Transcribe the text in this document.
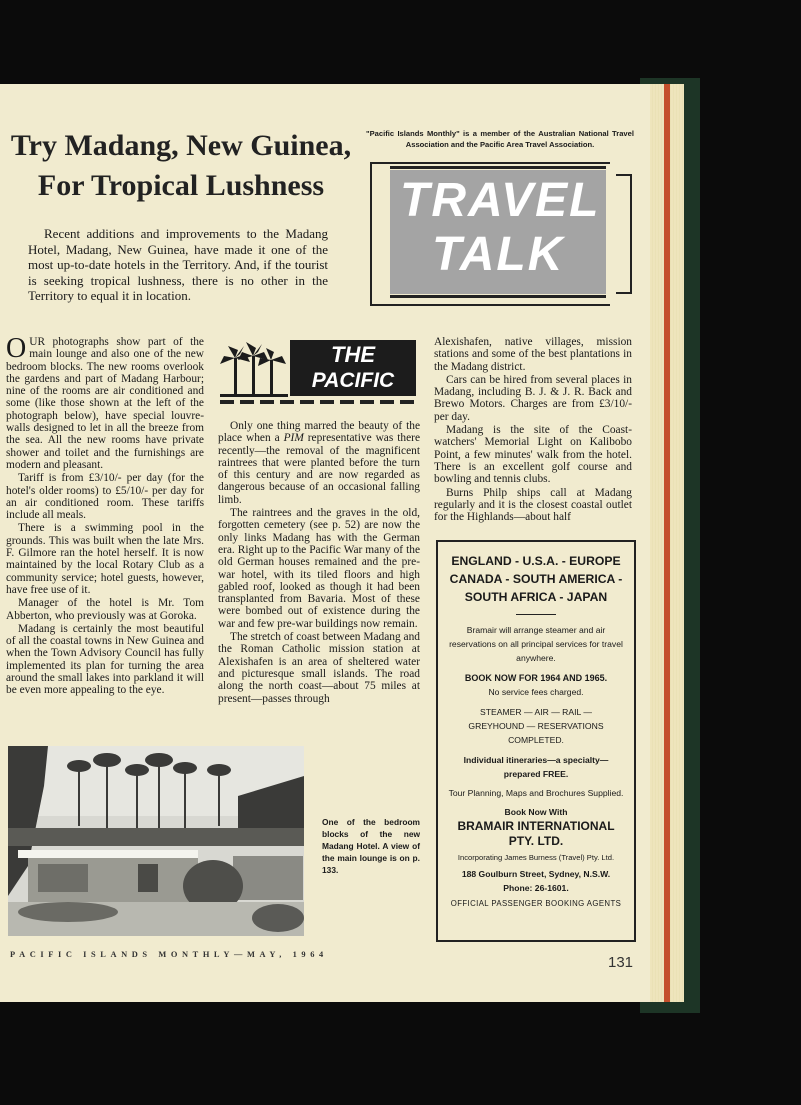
Try Madang, New Guinea,
For Tropical Lushness
Recent additions and improvements to the Madang Hotel, Madang, New Guinea, have made it one of the most up-to-date hotels in the Territory. And, if the tourist is seeking tropical lushness, there is no other in the Territory to equal it in location.
"Pacific Islands Monthly" is a member of the Australian National Travel Association and the Pacific Area Travel Association.
TRAVEL
TALK

OUR photographs show part of the main lounge and also one of the new bedroom blocks. The new rooms overlook the gardens and part of Madang Harbour; nine of the rooms are air conditioned and some (like those shown at the left of the photograph below), have special louvre-walls designed to let in all the breeze from the sea. All the new rooms have private shower and toilet and the furnishings are modern and pleasant.

Tariff is from £3/10/- per day (for the hotel's older rooms) to £5/10/- per day for an air conditioned room. These tariffs include all meals.

There is a swimming pool in the grounds. This was built when the late Mrs. F. Gilmore ran the hotel herself. It is now maintained by the local Rotary Club as a community service; hotel guests, however, have free use of it.

Manager of the hotel is Mr. Tom Abberton, who previously was at Goroka.

Madang is certainly the most beautiful of all the coastal towns in New Guinea and when the Town Advisory Council has fully implemented its plan for turning the area around the small lakes into parkland it will be even more appealing to the eye.

THE
PACIFIC

Only one thing marred the beauty of the place when a PIM representative was there recently—the removal of the magnificent raintrees that were planted before the turn of this century and are now regarded as dangerous because of an occasional falling limb.

The raintrees and the graves in the old, forgotten cemetery (see p. 52) are now the only links Madang has with the German era. Right up to the Pacific War many of the old German houses remained and the pre-war hotel, with its tiled floors and high gabled roof, looked as though it had been transplanted from Bavaria. Most of these were bombed out of existence during the war and few pre-war buildings now remain.

The stretch of coast between Madang and the Roman Catholic mission station at Alexishafen is an area of sheltered water and picturesque small islands. The road along the north coast—about 75 miles at present—passes through

Alexishafen, native villages, mission stations and some of the best plantations in the Madang district.

Cars can be hired from several places in Madang, including B. J. & J. R. Back and Brewo Motors. Charges are from £3/10/- per day.

Madang is the site of the Coast-watchers' Memorial Light on Kalibobo Point, a few minutes' walk from the hotel. There is an excellent golf course and bowling and tennis clubs.

Burns Philp ships call at Madang regularly and it is the closest coastal outlet for the Highlands—about half

One of the bedroom blocks of the new Madang Hotel. A view of the main lounge is on p. 133.
ENGLAND - U.S.A. - EUROPE
CANADA - SOUTH AMERICA -
SOUTH AFRICA - JAPAN
Bramair will arrange steamer and air reservations on all principal services for travel anywhere.
BOOK NOW FOR 1964 AND 1965.
No service fees charged.
STEAMER — AIR — RAIL —
GREYHOUND — RESERVATIONS
COMPLETED.
Individual itineraries—a specialty—prepared FREE.
Tour Planning, Maps and Brochures Supplied.
Book Now With
BRAMAIR INTERNATIONAL
PTY. LTD.
Incorporating James Burness (Travel) Pty. Ltd.
188 Goulburn Street, Sydney, N.S.W.
Phone: 26-1601.
OFFICIAL PASSENGER BOOKING AGENTS
PACIFIC ISLANDS MONTHLY—MAY, 1964	131
